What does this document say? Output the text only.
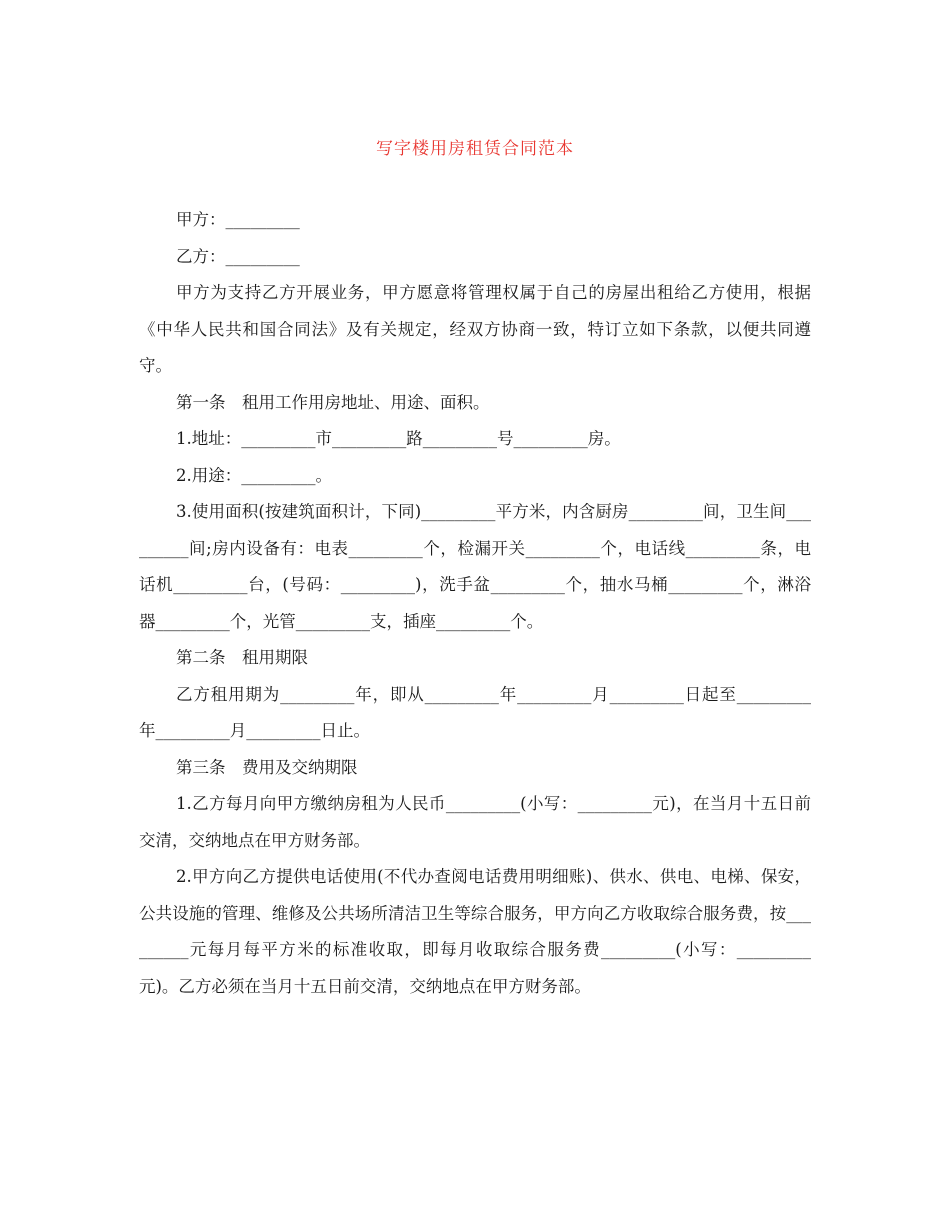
写字楼用房租赁合同范本

甲方：_________

乙方：_________

甲方为支持乙方开展业务，甲方愿意将管理权属于自己的房屋出租给乙方使用，根据《中华人民共和国合同法》及有关规定，经双方协商一致，特订立如下条款，以便共同遵守。

第一条　租用工作用房地址、用途、面积。

1.地址：_________市_________路_________号_________房。

2.用途：_________。

3.使用面积(按建筑面积计，下同)_________平方米，内含厨房_________间，卫生间_________间;房内设备有：电表_________个，检漏开关_________个，电话线_________条，电话机_________台，(号码：_________)，洗手盆_________个，抽水马桶_________个，淋浴器_________个，光管_________支，插座_________个。

第二条　租用期限

乙方租用期为_________年，即从_________年_________月_________日起至_________年_________月_________日止。

第三条　费用及交纳期限

1.乙方每月向甲方缴纳房租为人民币_________(小写：_________元)，在当月十五日前交清，交纳地点在甲方财务部。

2.甲方向乙方提供电话使用(不代办查阅电话费用明细账)、供水、供电、电梯、保安，公共设施的管理、维修及公共场所清洁卫生等综合服务，甲方向乙方收取综合服务费，按_________元每月每平方米的标准收取，即每月收取综合服务费_________(小写：_________元)。乙方必须在当月十五日前交清，交纳地点在甲方财务部。
